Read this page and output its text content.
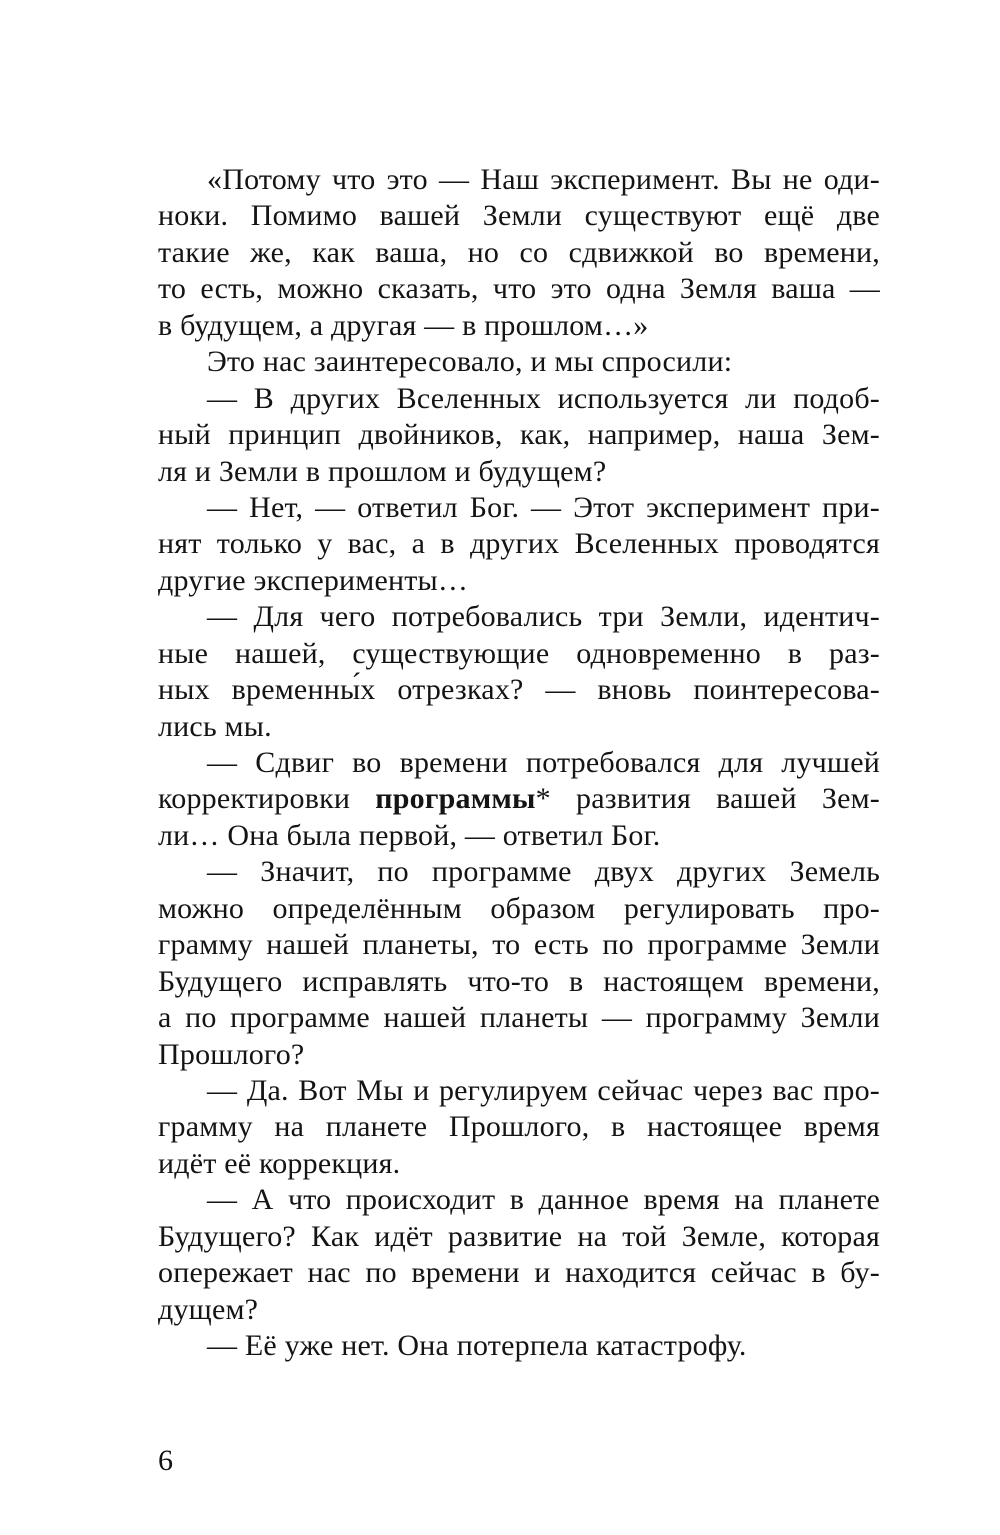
«Потому что это — Наш эксперимент. Вы не оди-
ноки. Помимо вашей Земли существуют ещё две
такие же, как ваша, но со сдвижкой во времени,
то есть, можно сказать, что это одна Земля ваша —
в будущем, а другая — в прошлом…»
Это нас заинтересовало, и мы спросили:
— В других Вселенных используется ли подоб-
ный принцип двойников, как, например, наша Зем-
ля и Земли в прошлом и будущем?
— Нет, — ответил Бог. — Этот эксперимент при-
нят только у вас, а в других Вселенных проводятся
другие эксперименты…
— Для чего потребовались три Земли, идентич-
ные нашей, существующие одновременно в раз-
ных временны́х отрезках? — вновь поинтересова-
лись мы.
— Сдвиг во времени потребовался для лучшей
корректировки программы* развития вашей Зем-
ли… Она была первой, — ответил Бог.
— Значит, по программе двух других Земель
можно определённым образом регулировать про-
грамму нашей планеты, то есть по программе Земли
Будущего исправлять что-то в настоящем времени,
а по программе нашей планеты — программу Земли
Прошлого?
— Да. Вот Мы и регулируем сейчас через вас про-
грамму на планете Прошлого, в настоящее время
идёт её коррекция.
— А что происходит в данное время на планете
Будущего? Как идёт развитие на той Земле, которая
опережает нас по времени и находится сейчас в бу-
дущем?
— Её уже нет. Она потерпела катастрофу.
6
